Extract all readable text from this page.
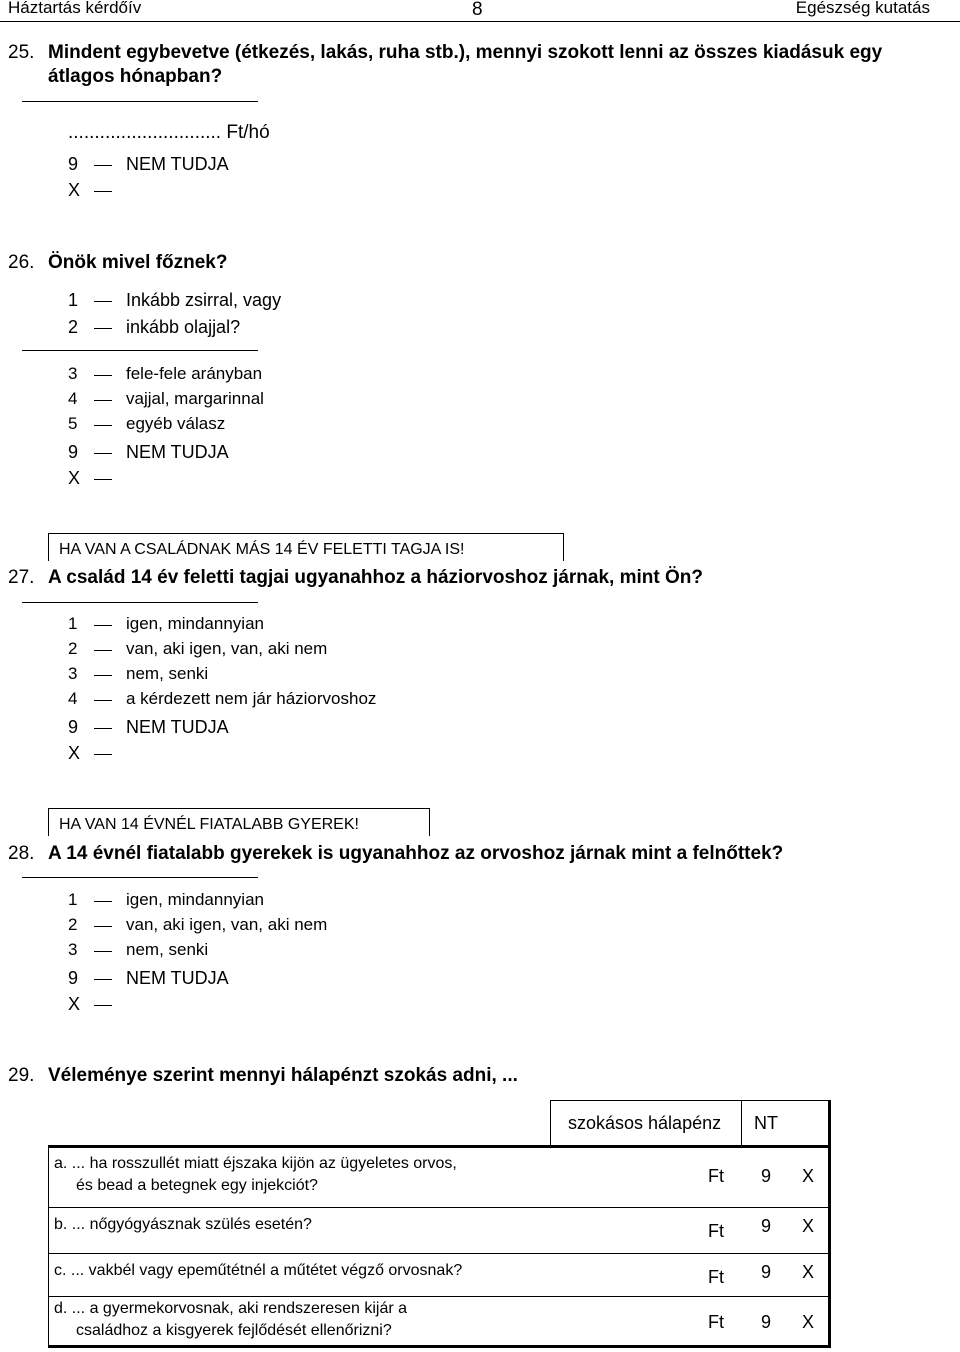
Háztartás kérdőív	8	Egészség kutatás
25. Mindent egybevetve (étkezés, lakás, ruha stb.), mennyi szokott lenni az összes kiadásuk egy
átlagos hónapban?
............................. Ft/hó
9	NEM TUDJA
X
26. Önök mivel főznek?
1	Inkább zsirral, vagy
2	inkább olajjal?
3	fele-fele arányban
4	vajjal, margarinnal
5	egyéb válasz
9	NEM TUDJA
X
HA VAN A CSALÁDNAK MÁS 14 ÉV FELETTI TAGJA IS!
27. A család 14 év feletti tagjai ugyanahhoz a háziorvoshoz járnak, mint Ön?
1	igen, mindannyian
2	van, aki igen, van, aki nem
3	nem, senki
4	a kérdezett nem jár háziorvoshoz
9	NEM TUDJA
X
HA VAN 14 ÉVNÉL FIATALABB GYEREK!
28. A 14 évnél fiatalabb gyerekek is ugyanahhoz az orvoshoz járnak mint a felnőttek?
1	igen, mindannyian
2	van, aki igen, van, aki nem
3	nem, senki
9	NEM TUDJA
X
29. Véleménye szerint mennyi hálapénzt szokás adni, ...
szokásos hálapénz NT
a. ... ha rosszullét miatt éjszaka kijön az ügyeletes orvos,
és bead a betegnek egy injekciót?	Ft 9 X
b. ... nőgyógyásznak szülés esetén?	Ft 9 X
c. ... vakbél vagy epeműtétnél a műtétet végző orvosnak?	Ft 9 X
d. ... a gyermekorvosnak, aki rendszeresen kijár a
családhoz a kisgyerek fejlődését ellenőrizni?	Ft 9 X
